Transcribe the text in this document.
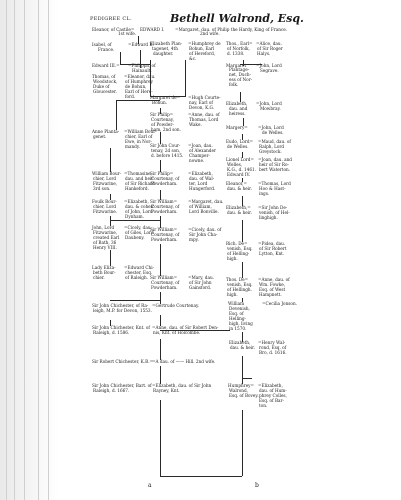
PEDIGREE CL.	Bethell Walrond, Esq.
Eleanor, of Castile=
1st wife.
EDWARD I.	=Margaret, dau. of Philip the Hardy, King of France.
2nd wife.
Isabel, of
France.
=Edward II.
Elizabeth Plan-
tagenet, 4th
daughter.
=Humphrey de
Bohun, Earl
of Hereford,
&c.
Thos., Earl=
of Norfolk,
d. 1338.
=Alice, dau.
of Sir Roger
Halys.
Edward III.= =Philippa, of
Hainault.
Margaret
Plantage-
net, Duch-
ess of Nor-
folk.
=John, Lord
Segrave.
Thomas, of
Woodstock,
Duke of
Gloucester.
=Eleanor, dau.
of Humphrey
de Bohun,
Earl of Here-
ford.	Margaret de=
Bohun.
=Hugh Courte-
nay, Earl of
Devon, K.G.
Elizabeth,
dau. and
heiress.
=John, Lord
Mowbray.
Sir Philip=
Courtenay,
of Powder-
ham, 2nd son.
=Anne, dau. of
Thomas, Lord
Wake.
Margery= =John, Lord
de Welles.
Anne Planta-
genet.
=William Bour-
chier, Earl of
Ewe, in Nor-
mandy.
Eudo, Lord=
de Welles.
=Maud, dau. of
Ralph, Lord
Greystock.
Sir John Cour-
tenay, 2d son,
d. before 1415.
=Joan, dau.
of Alexander
Champer-
nowne.	Lionel Lord=
Welles,
K.G., d. 1461.
Edward IV.
=Joan, dau. and
heir of Sir Ro-
bert Waterton.
William Bour-
chier, Lord
Fitzwarine,
3rd son.
=Thomasine,
dau. and heir
of Sir Richard
Hankeford.
Sir Philip=
Courtenay, of
Powderham.
=Elizabeth,
dau. of Wal-
ter, Lord
Hungerford.
Eleanor,=
dau. & heir.
=Thomas, Lord
Hoo & Hast-
ings.
Foulk Bour-
chier, Lord
Fitzwarine.
=Elizabeth,
dau. & coheir
of John, Lord
Dynham.
Sir William=
Courtenay, of
Powderham.
=Margaret, dau.
of William,
Lord Bonville.
Elizabeth,=
dau. & heir.
=Sir John De-
venish, of Hel-
linghigh.
John, Lord
Fitzwarine,
created Earl
of Bath, 36
Henry VIII.
=Cicely, dau.
of Giles, Lord
Daubeny.
Sir William=
Courtenay, of
Powderham.
=Cicely, dau. of
Sir John Cha-
mpy.
Rich. De=
venish, Esq.
of Helling-
high.
=Pidea, dau.
of Sir Robert
Lytton, Knt.
Lady Eliza-
beth Bour-
chier.
=Edward Chi-
chester, Esq.
of Raleigh. Sir William=
Courtenay, of
Powderham.
=Mary, dau.
of Sir John
Gainsford.
Thos. De=
venish, Esq.
of Hellingh.
high.
=Anne, dau. of
Wm. Fowke,
Esq. of West
Hampnett.
Sir John Chichester, of Ra-
leigh, M.P. for Devon, 1553.
=Gertrude Courtenay.	William
Devenish,
Esq. of
Helling-
high, living
in 1570.
=Cecilia Jonson.
Sir John Chichester, Knt. of
Raleigh, d. 1586.
=Anne, dau. of Sir Robert Den-
nis, Knt. of Holcombe.
Elizabeth,
dau. & heir.
=Henry Wal-
rond, Esq. of
Bro, d. 1616.
Sir Robert Chichester, K.B.=
=A dau. of —— Hill. 2nd wife.
Sir John Chichester, Bart. of
Raleigh, d. 1667.
=Elizabeth, dau. of Sir John
Rayney, Knt.
Humphrey=
Walrond,
Esq. of Bovey.
=Elizabeth,
dau. of Hum-
phrey Colles,
Esq. of Bar-
ton.
a	b
